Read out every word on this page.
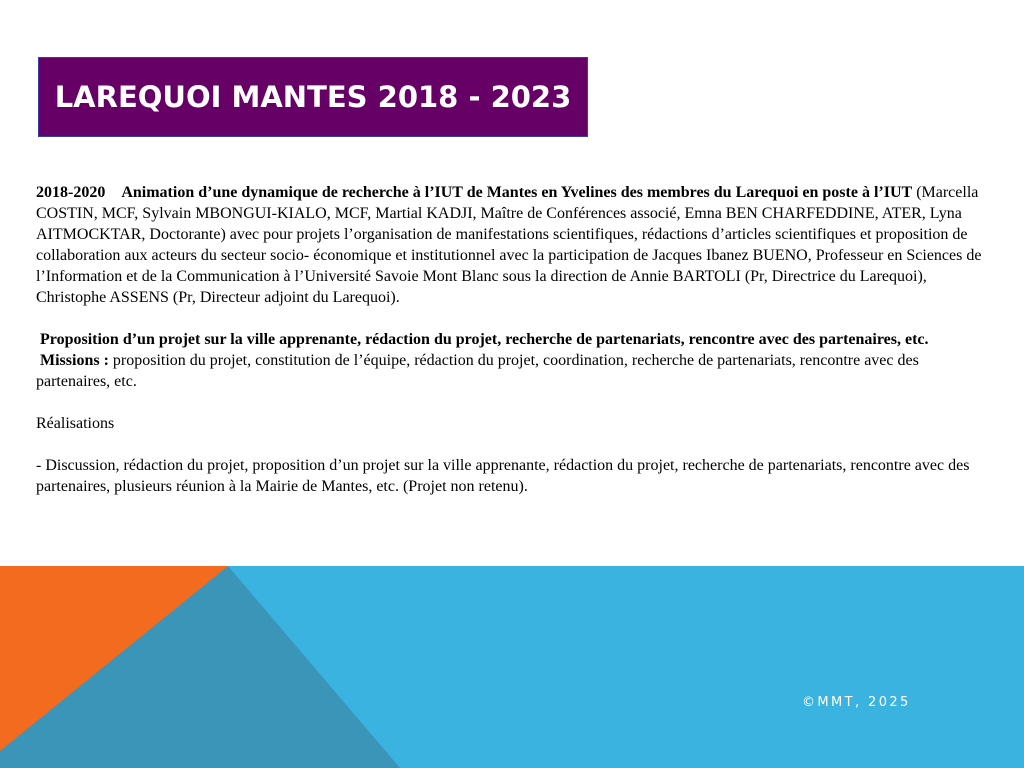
LAREQUOI MANTES 2018 - 2023

2018-2020 Animation d’une dynamique de recherche à l’IUT de Mantes en Yvelines des membres du Larequoi en poste à l’IUT (Marcella COSTIN, MCF, Sylvain MBONGUI-KIALO, MCF, Martial KADJI, Maître de Conférences associé, Emna BEN CHARFEDDINE, ATER, Lyna AITMOCKTAR, Doctorante) avec pour projets l’organisation de manifestations scientifiques, rédactions d’articles scientifiques et proposition de collaboration aux acteurs du secteur socio- économique et institutionnel avec la participation de Jacques Ibanez BUENO, Professeur en Sciences de l’Information et de la Communication à l’Université Savoie Mont Blanc sous la direction de Annie BARTOLI (Pr, Directrice du Larequoi), Christophe ASSENS (Pr, Directeur adjoint du Larequoi).

Proposition d’un projet sur la ville apprenante, rédaction du projet, recherche de partenariats, rencontre avec des partenaires, etc.

Missions : proposition du projet, constitution de l’équipe, rédaction du projet, coordination, recherche de partenariats, rencontre avec des partenaires, etc.

Réalisations

- Discussion, rédaction du projet, proposition d’un projet sur la ville apprenante, rédaction du projet, recherche de partenariats, rencontre avec des partenaires, plusieurs réunion à la Mairie de Mantes, etc. (Projet non retenu).

©MMT, 2025
